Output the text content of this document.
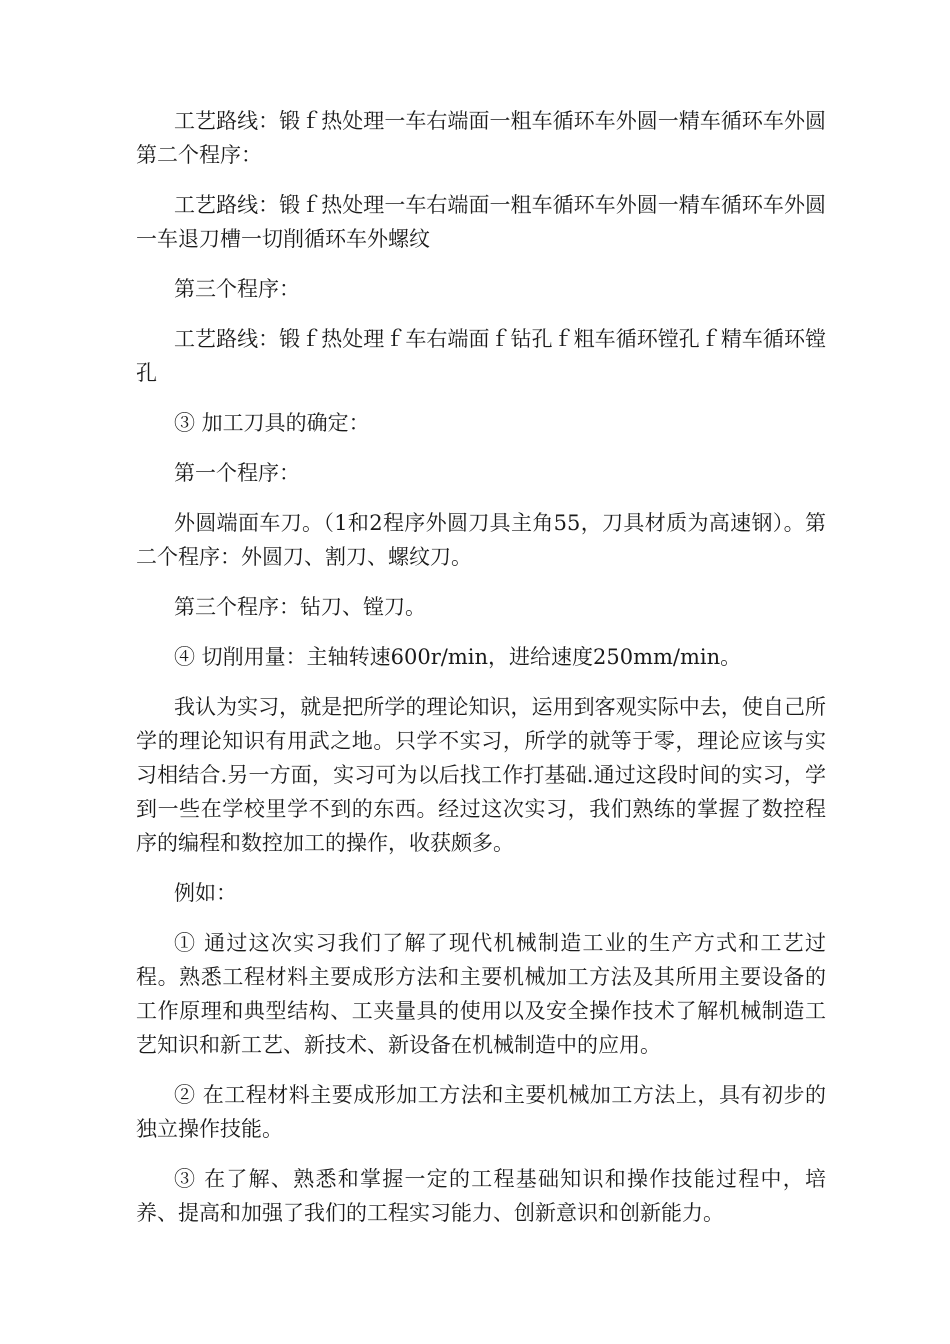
工艺路线：锻ｆ热处理一车右端面一粗车循环车外圆一精车循环车外圆第二个程序：

工艺路线：锻ｆ热处理一车右端面一粗车循环车外圆一精车循环车外圆一车退刀槽一切削循环车外螺纹

第三个程序：

工艺路线：锻ｆ热处理ｆ车右端面ｆ钻孔ｆ粗车循环镗孔ｆ精车循环镗孔

③ 加工刀具的确定：

第一个程序：

外圆端面车刀。（1和2程序外圆刀具主角55，刀具材质为高速钢）。第二个程序：外圆刀、割刀、螺纹刀。

第三个程序：钻刀、镗刀。

④ 切削用量：主轴转速600r/min，进给速度250mm/min。

我认为实习，就是把所学的理论知识，运用到客观实际中去，使自己所学的理论知识有用武之地。只学不实习，所学的就等于零，理论应该与实习相结合.另一方面，实习可为以后找工作打基础.通过这段时间的实习，学到一些在学校里学不到的东西。经过这次实习，我们熟练的掌握了数控程序的编程和数控加工的操作，收获颇多。

例如：

① 通过这次实习我们了解了现代机械制造工业的生产方式和工艺过程。熟悉工程材料主要成形方法和主要机械加工方法及其所用主要设备的工作原理和典型结构、工夹量具的使用以及安全操作技术了解机械制造工艺知识和新工艺、新技术、新设备在机械制造中的应用。

② 在工程材料主要成形加工方法和主要机械加工方法上，具有初步的独立操作技能。

③ 在了解、熟悉和掌握一定的工程基础知识和操作技能过程中，培养、提高和加强了我们的工程实习能力、创新意识和创新能力。
